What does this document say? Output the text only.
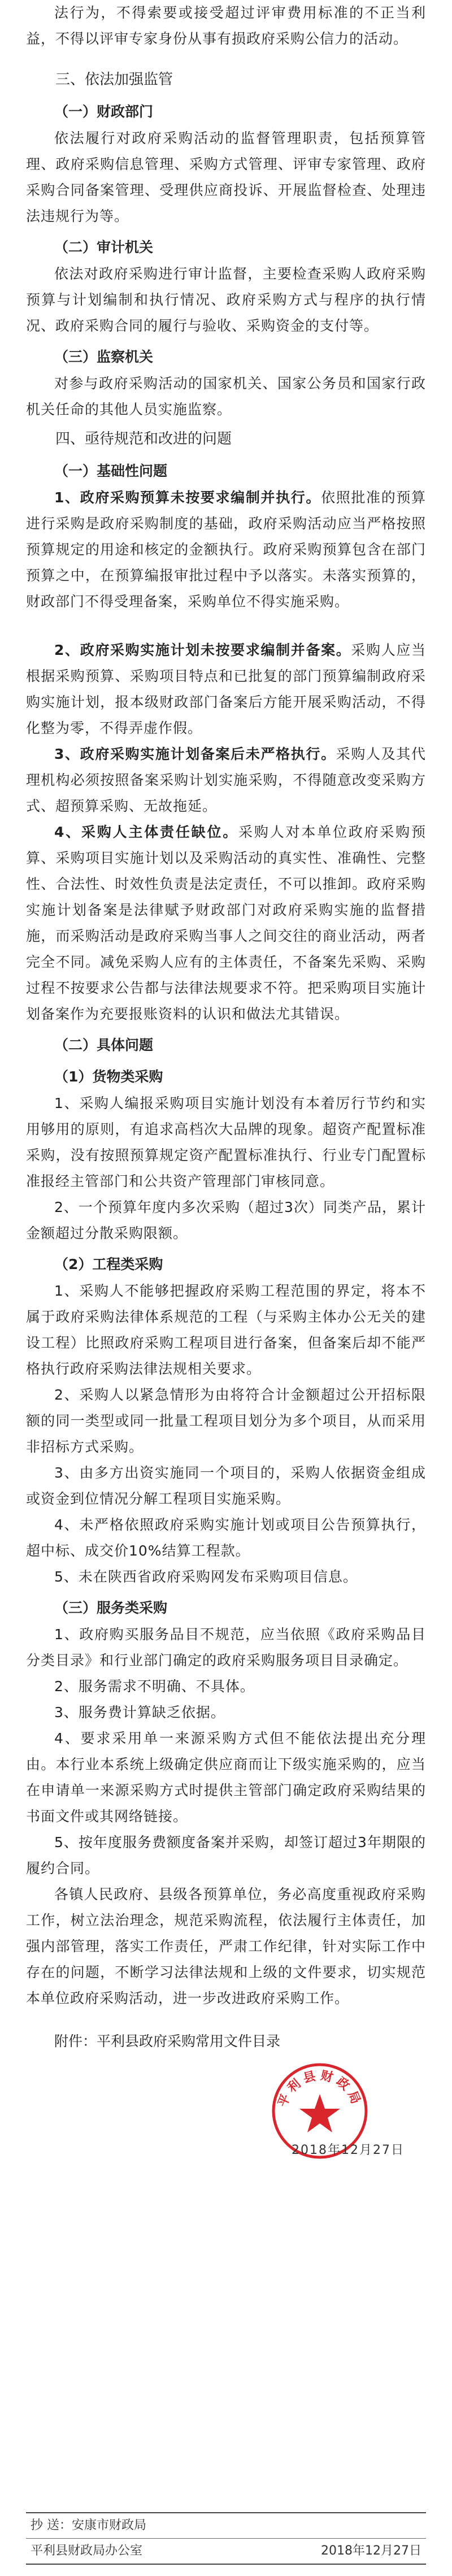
法行为，不得索要或接受超过评审费用标准的不正当利益，不得以评审专家身份从事有损政府采购公信力的活动。

三、依法加强监管

（一）财政部门

依法履行对政府采购活动的监督管理职责，包括预算管理、政府采购信息管理、采购方式管理、评审专家管理、政府采购合同备案管理、受理供应商投诉、开展监督检查、处理违法违规行为等。

（二）审计机关

依法对政府采购进行审计监督，主要检查采购人政府采购预算与计划编制和执行情况、政府采购方式与程序的执行情况、政府采购合同的履行与验收、采购资金的支付等。

（三）监察机关

对参与政府采购活动的国家机关、国家公务员和国家行政机关任命的其他人员实施监察。

四、亟待规范和改进的问题

（一）基础性问题

1、政府采购预算未按要求编制并执行。依照批准的预算进行采购是政府采购制度的基础，政府采购活动应当严格按照预算规定的用途和核定的金额执行。政府采购预算包含在部门预算之中，在预算编报审批过程中予以落实。未落实预算的，财政部门不得受理备案，采购单位不得实施采购。

2、政府采购实施计划未按要求编制并备案。采购人应当根据采购预算、采购项目特点和已批复的部门预算编制政府采购实施计划，报本级财政部门备案后方能开展采购活动，不得化整为零，不得弄虚作假。

3、政府采购实施计划备案后未严格执行。采购人及其代理机构必须按照备案采购计划实施采购，不得随意改变采购方式、超预算采购、无故拖延。

4、采购人主体责任缺位。采购人对本单位政府采购预算、采购项目实施计划以及采购活动的真实性、准确性、完整性、合法性、时效性负责是法定责任，不可以推卸。政府采购实施计划备案是法律赋予财政部门对政府采购实施的监督措施，而采购活动是政府采购当事人之间交往的商业活动，两者完全不同。减免采购人应有的主体责任，不备案先采购、采购过程不按要求公告都与法律法规要求不符。把采购项目实施计划备案作为充要报账资料的认识和做法尤其错误。

（二）具体问题

（1）货物类采购

1、采购人编报采购项目实施计划没有本着厉行节约和实用够用的原则，有追求高档次大品牌的现象。超资产配置标准采购，没有按照预算规定资产配置标准执行、行业专门配置标准报经主管部门和公共资产管理部门审核同意。

2、一个预算年度内多次采购（超过3次）同类产品，累计金额超过分散采购限额。

（2）工程类采购

1、采购人不能够把握政府采购工程范围的界定，将本不属于政府采购法律体系规范的工程（与采购主体办公无关的建设工程）比照政府采购工程项目进行备案，但备案后却不能严格执行政府采购法律法规相关要求。

2、采购人以紧急情形为由将符合计金额超过公开招标限额的同一类型或同一批量工程项目划分为多个项目，从而采用非招标方式采购。

3、由多方出资实施同一个项目的，采购人依据资金组成或资金到位情况分解工程项目实施采购。

4、未严格依照政府采购实施计划或项目公告预算执行，超中标、成交价10%结算工程款。

5、未在陕西省政府采购网发布采购项目信息。

（三）服务类采购

1、政府购买服务品目不规范，应当依照《政府采购品目分类目录》和行业部门确定的政府采购服务项目目录确定。

2、服务需求不明确、不具体。

3、服务费计算缺乏依据。

4、要求采用单一来源采购方式但不能依法提出充分理由。本行业本系统上级确定供应商而让下级实施采购的，应当在申请单一来源采购方式时提供主管部门确定政府采购结果的书面文件或其网络链接。

5、按年度服务费额度备案并采购，却签订超过3年期限的履约合同。

各镇人民政府、县级各预算单位，务必高度重视政府采购工作，树立法治理念，规范采购流程，依法履行主体责任，加强内部管理，落实工作责任，严肃工作纪律，针对实际工作中存在的问题，不断学习法律法规和上级的文件要求，切实规范本单位政府采购活动，进一步改进政府采购工作。

附件：平利县政府采购常用文件目录

平利县财政局
2018年12月27日
抄 送：安康市财政局
平利县财政局办公室	2018年12月27日
